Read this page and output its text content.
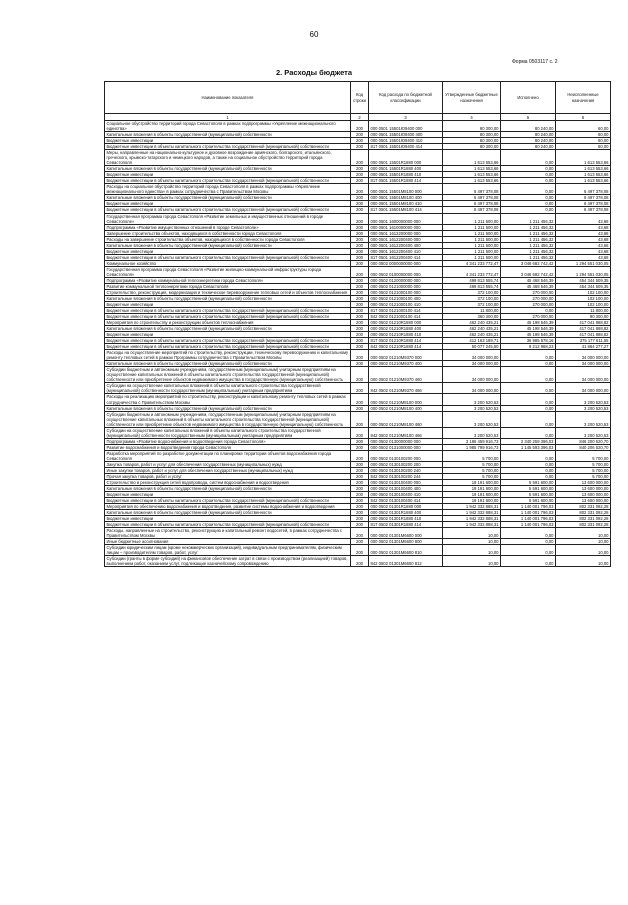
60
Форма 0503117 с. 2
2. Расходы бюджета
Наименование показателя	Код строки	Код расхода по бюджетной классификации	Утвержденные бюджетные назначения	Исполнено	Неисполненные назначения
1	2	3	4	5	6
Социальное обустройство территорий города Севастополя в рамках подпрограммы «Укрепление межнационального единства»	200	000 0501 15501Ю9400 000	80 300,00	80 240,00	60,00
Капитальные вложения в объекты государственной (муниципальной) собственности	200	000 0501 15501Ю9400 400	80 300,00	80 240,00	60,00
Бюджетные инвестиции	200	000 0501 15501Ю9400 410	80 300,00	80 240,00	60,00
Бюджетные инвестиции в объекты капитального строительства государственной (муниципальной) собственности	200	817 0501 15501Ю9400 414	80 300,00	80 240,00	60,00
Меры, направленные на национально-культурное и духовное возрождение армянского, болгарского, итальянского, греческого, крымско-татарского и немецкого народов, а также на социальное обустройство территорий города Севастополя	200	000 0501 15501R1880 000	1 613 553,66	0,00	1 613 553,66
Капитальные вложения в объекты государственной (муниципальной) собственности	200	000 0501 15501R1880 400	1 613 553,66	0,00	1 613 553,66
Бюджетные инвестиции	200	000 0501 15501R1880 410	1 613 553,66	0,00	1 613 553,66
Бюджетные инвестиции в объекты капитального строительства государственной (муниципальной) собственности	200	817 0501 15501R1880 414	1 613 553,66	0,00	1 613 553,66
Расходы на социальное обустройство территорий города Севастополя в рамках подпрограммы «Укрепление межнационального единства» в рамках сотрудничества с Правительством Москвы	200	000 0501 15501М8100 000	6 497 378,08	0,00	6 497 378,08
Капитальные вложения в объекты государственной (муниципальной) собственности	200	000 0501 15501М8100 400	6 497 378,08	0,00	6 497 378,08
Бюджетные инвестиции	200	000 0501 15501М8100 410	6 497 378,08	0,00	6 497 378,08
Бюджетные инвестиции в объекты капитального строительства государственной (муниципальной) собственности	200	817 0501 15501М8100 414	6 497 378,08	0,00	6 497 378,08
Государственная программа города Севастополя «Развитие земельных и имущественных отношений в городе Севастополе»	200	000 0501 1600000000 000	1 211 500,00	1 211 456,32	43,68
Подпрограмма «Развитие имущественных отношений в городе Севастополе»	200	000 0501 1610000000 000	1 211 500,00	1 211 456,32	43,68
Завершение строительства объектов, находящихся в собственности города Севастополя	200	000 0501 1612200000 000	1 211 500,00	1 211 456,32	43,68
Расходы на завершение строительства объектов, находящихся в собственности города Севастополя	200	000 0501 1612200400 000	1 211 500,00	1 211 456,32	43,68
Капитальные вложения в объекты государственной (муниципальной) собственности	200	000 0501 1612200400 400	1 211 500,00	1 211 456,32	43,68
Бюджетные инвестиции	200	000 0501 1612200400 410	1 211 500,00	1 211 456,32	43,68
Бюджетные инвестиции в объекты капитального строительства государственной (муниципальной) собственности	200	817 0501 1612200400 414	1 211 500,00	1 211 456,32	43,68
Коммунальное хозяйство	200	000 0502 0000000000 000	4 341 233 772,47	3 046 682 742,42	1 294 551 030,05
Государственная программа города Севастополя «Развитие жилищно-коммунальной инфраструктуры города Севастополя»	200	000 0502 0100000000 000	4 341 233 772,47	3 046 682 742,42	1 294 551 030,05
Подпрограмма «Развитие коммунальной теплоэнергетики города Севастополя»	200	000 0502 0120000000 000	499 813 555,74	45 468 546,39	454 344 509,35
Развитие коммунальной теплоэнергетики города Севастополя	200	000 0502 0121000000 000	499 813 555,74	45 468 546,39	454 344 509,35
Строительство, реконструкция, модернизация и техническое перевооружение тепловых сетей и объектов теплоснабжения	200	000 0502 0121000100 000	372 100,00	270 000,00	102 100,00
Капитальные вложения в объекты государственной (муниципальной) собственности	200	000 0502 0121000100 400	372 100,00	270 000,00	102 100,00
Бюджетные инвестиции	200	000 0502 0121000100 410	372 100,00	270 000,00	102 100,00
Бюджетные инвестиции в объекты капитального строительства государственной (муниципальной) собственности	200	817 0502 0121000100 414	11 800,00	0,00	11 800,00
Бюджетные инвестиции в объекты капитального строительства государственной (муниципальной) собственности	200	842 0502 0121000100 414	360 300,00	270 000,00	90 300,00
Мероприятия по строительству и реконструкции объектов теплоснабжения	200	000 0502 01210R1880 000	462 240 435,21	45 198 546,39	417 041 888,82
Капитальные вложения в объекты государственной (муниципальной) собственности	200	000 0502 01210R1880 400	462 240 435,21	45 198 546,39	417 041 888,82
Бюджетные инвестиции	200	000 0502 01210R1880 410	462 240 435,21	45 198 546,39	417 041 888,82
Бюджетные инвестиции в объекты капитального строительства государственной (муниципальной) собственности	200	817 0502 01210R1880 414	412 163 189,71	36 985 578,16	375 177 611,55
Бюджетные инвестиции в объекты капитального строительства государственной (муниципальной) собственности	200	842 0502 01210R1880 414	50 077 245,50	8 212 968,23	41 864 277,27
Расходы на осуществление мероприятий по строительству, реконструкции, техническому перевооружению и капитальному ремонту тепловых сетей в рамках Программы сотрудничества с Правительством Москвы	200	000 0502 01210М9370 000	34 000 000,00	0,00	34 000 000,00
Капитальные вложения в объекты государственной (муниципальной) собственности	200	000 0502 01210М9370 400	34 000 000,00	0,00	34 000 000,00
Субсидии бюджетным и автономным учреждениям, государственным (муниципальным) унитарным предприятиям на осуществление капитальных вложений в объекты капитального строительства государственной (муниципальной) собственности или приобретение объектов недвижимого имущества в государственную (муниципальную) собственность	200	000 0502 01210М9370 460	34 000 000,00	0,00	34 000 000,00
Субсидии на осуществление капитальных вложений в объекты капитального строительства государственной (муниципальной) собственности государственным (муниципальным) унитарным предприятиям	200	842 0502 01210М9370 466	34 000 000,00	0,00	34 000 000,00
Расходы на реализацию мероприятий по строительству, реконструкции и капитальному ремонту тепловых сетей в рамках сотрудничества с Правительством Москвы	200	000 0502 01210М8100 000	3 200 520,53	0,00	3 200 520,53
Капитальные вложения в объекты государственной (муниципальной) собственности	200	000 0502 01210М8100 400	3 200 520,53	0,00	3 200 520,53
Субсидии бюджетным и автономным учреждениям, государственным (муниципальным) унитарным предприятиям на осуществление капитальных вложений в объекты капитального строительства государственной (муниципальной) собственности или приобретение объектов недвижимого имущества в государственную (муниципальную) собственность	200	000 0502 01210М8100 460	3 200 520,53	0,00	3 200 520,53
Субсидии на осуществление капитальных вложений в объекты капитального строительства государственной (муниципальной) собственности государственным (муниципальным) унитарным предприятиям	200	842 0502 01210М8100 466	3 200 520,53	0,00	3 200 520,53
Подпрограмма «Развитие водоснабжения и водоотведения города Севастополя»	200	000 0502 0130000000 000	3 186 459 916,73	2 340 259 396,03	846 200 520,70
Развитие водоснабжения и водоотведения города Севастополя	200	000 0502 0131000000 000	1 985 799 916,73	1 145 593 396,03	840 206 520,70
Разработка мероприятий по разработке документации по планировке территории объектов водоснабжения города Севастополя	200	000 0502 0130100200 000	5 700,00	0,00	5 700,00
Закупка товаров, работ и услуг для обеспечения государственных (муниципальных) нужд	200	000 0502 0130100200 200	5 700,00	0,00	5 700,00
Иные закупки товаров, работ и услуг для обеспечения государственных (муниципальных) нужд	200	000 0502 0130100200 240	5 700,00	0,00	5 700,00
Прочая закупка товаров, работ и услуг	200	842 0502 0130100200 244	5 700,00	0,00	5 700,00
Строительство и реконструкция сетей водопровода, систем водоснабжения и водоотведения	200	000 0502 0130100400 000	19 191 600,00	5 591 600,00	13 600 000,00
Капитальные вложения в объекты государственной (муниципальной) собственности	200	000 0502 0130100400 400	19 191 600,00	5 591 600,00	13 600 000,00
Бюджетные инвестиции	200	000 0502 0130100400 410	19 191 600,00	5 591 600,00	13 600 000,00
Бюджетные инвестиции в объекты капитального строительства государственной (муниципальной) собственности	200	842 0502 0130100400 414	19 191 600,00	5 591 600,00	13 600 000,00
Мероприятия по обеспечению водоснабжения и водоотведения, развитие системы водоснабжения и водоотведения	200	000 0502 01301R1880 000	1 942 332 888,31	1 140 001 796,03	802 331 092,28
Капитальные вложения в объекты государственной (муниципальной) собственности	200	000 0502 01301R1880 400	1 942 332 888,31	1 140 001 796,03	802 331 092,28
Бюджетные инвестиции	200	000 0502 01301R1880 410	1 942 332 888,31	1 140 001 796,03	802 331 092,28
Бюджетные инвестиции в объекты капитального строительства государственной (муниципальной) собственности	200	817 0502 01301R1880 414	1 942 332 888,31	1 140 001 796,03	802 331 092,28
Расходы, направленные на строительство, реконструкцию и капитальный ремонт водосетей, в рамках сотрудничества с Правительством Москвы	200	000 0502 01301М6600 000	10,00	0,00	10,00
Иные бюджетные ассигнования	200	000 0502 01301М6600 800	10,00	0,00	10,00
Субсидии юридическим лицам (кроме некоммерческих организаций), индивидуальным предпринимателям, физическим лицам – производителям товаров, работ, услуг	200	000 0502 01301М6600 810	10,00	0,00	10,00
Субсидии (гранты в форме субсидий) на финансовое обеспечение затрат в связи с производством (реализацией) товаров, выполнением работ, оказанием услуг, подлежащие казначейскому сопровождению	200	842 0502 01301М6600 812	10,00	0,00	10,00
